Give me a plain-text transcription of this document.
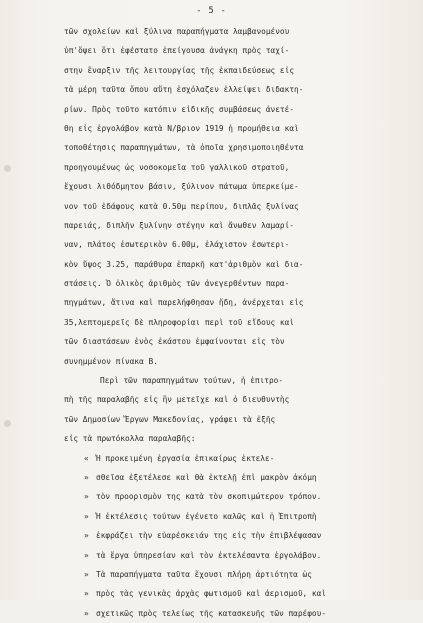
- 5 -
τῶν σχολείων καὶ ξύλινα παραπήγματα λαμβανομένου
ὑπ'ὄψει ὅτι ἐφέστατο ἐπείγουσα ἀνάγκη πρὸς ταχί-
στην ἔναρξιν τῆς λειτουργίας τῆς ἐκπαιδεύσεως εἰς
τὰ μέρη ταῦτα ὅπου αὕτη ἐσχόλαζεν ἐλλείψει διδακτη-
ρίων. Πρὸς τοῦτο κατόπιν εἰδικῆς συμβάσεως ἀνετέ-
θη εἰς ἐργολάβον κατὰ Ν/βριον 1919 ἡ προμήθεια καὶ
τοποθέτησις παραπηγμάτων, τὰ ὁποῖα χρησιμοποιηθέντα
προηγουμένως ὡς νοσοκομεῖα τοῦ γαλλικοῦ στρατοῦ,
ἔχουσι λιθόδμητον βάσιν, ξύλινον πάτωμα ὑπερκείμε-
νον τοῦ ἐδάφους κατὰ 0.50μ περίπου, διπλᾶς ξυλίνας
παρειάς, διπλῆν ξυλίνην στέγην καὶ ἄνωθεν λαμαρί-
ναν, πλάτος ἐσωτερικὸν 6.00μ, ἐλάχιστον ἐσωτερι-
κὸν ὕψος 3.25, παράθυρα ἐπαρκῆ κατ'ἀριθμὸν καὶ δια-
στάσεις. Ὁ ὁλικὸς ἀριθμὸς τῶν ἀνεγερθέντων παρα-
πηγμάτων, ἅτινα καὶ παρελήφθησαν ἤδη, ἀνέρχεται εἰς
35,λεπτομερεῖς δὲ πληροφορίαι περὶ τοῦ εἴδους καὶ
τῶν διαστάσεων ἑνὸς ἑκάστου ἐμφαίνονται εἰς τὸν
συνημμένον πίνακα Β.
Περὶ τῶν παραπηγμάτων τούτων, ἡ ἐπιτρο-
πὴ τῆς παραλαβῆς εἰς ἣν μετεῖχε καὶ ὁ διευθυντὴς
τῶν Δημοσίων Ἔργων Μακεδονίας, γράφει τὰ ἑξῆς
εἰς τὰ πρωτόκολλα παραλαβῆς:
« Ἡ προκειμένη ἐργασία ἐπικαίρως ἐκτελε-
» σθεῖσα ἐξετέλεσε καὶ θὰ ἐκτελῇ ἐπὶ μακρὸν ἀκόμη
» τὸν προορισμὸν της κατὰ τὸν σκοπιμώτερον τρόπον.
» Ἡ ἐκτέλεσις τούτων ἐγένετο καλῶς καὶ ἡ Ἐπιτροπὴ
» ἐκφράζει τὴν εὐαρέσκειάν της εἰς τὴν ἐπιβλέψασαν
» τὰ ἔργα ὑπηρεσίαν καὶ τὸν ἐκτελέσαντα ἐργολάβον.
» Τὰ παραπήγματα ταῦτα ἔχουσι πλήρη ἀρτιότητα ὡς
» πρὸς τὰς γενικὰς ἀρχὰς φωτισμοῦ καὶ ἀερισμοῦ, καὶ
» σχετικῶς πρὸς τελείως τῆς κατασκευῆς τῶν παρέφου-
